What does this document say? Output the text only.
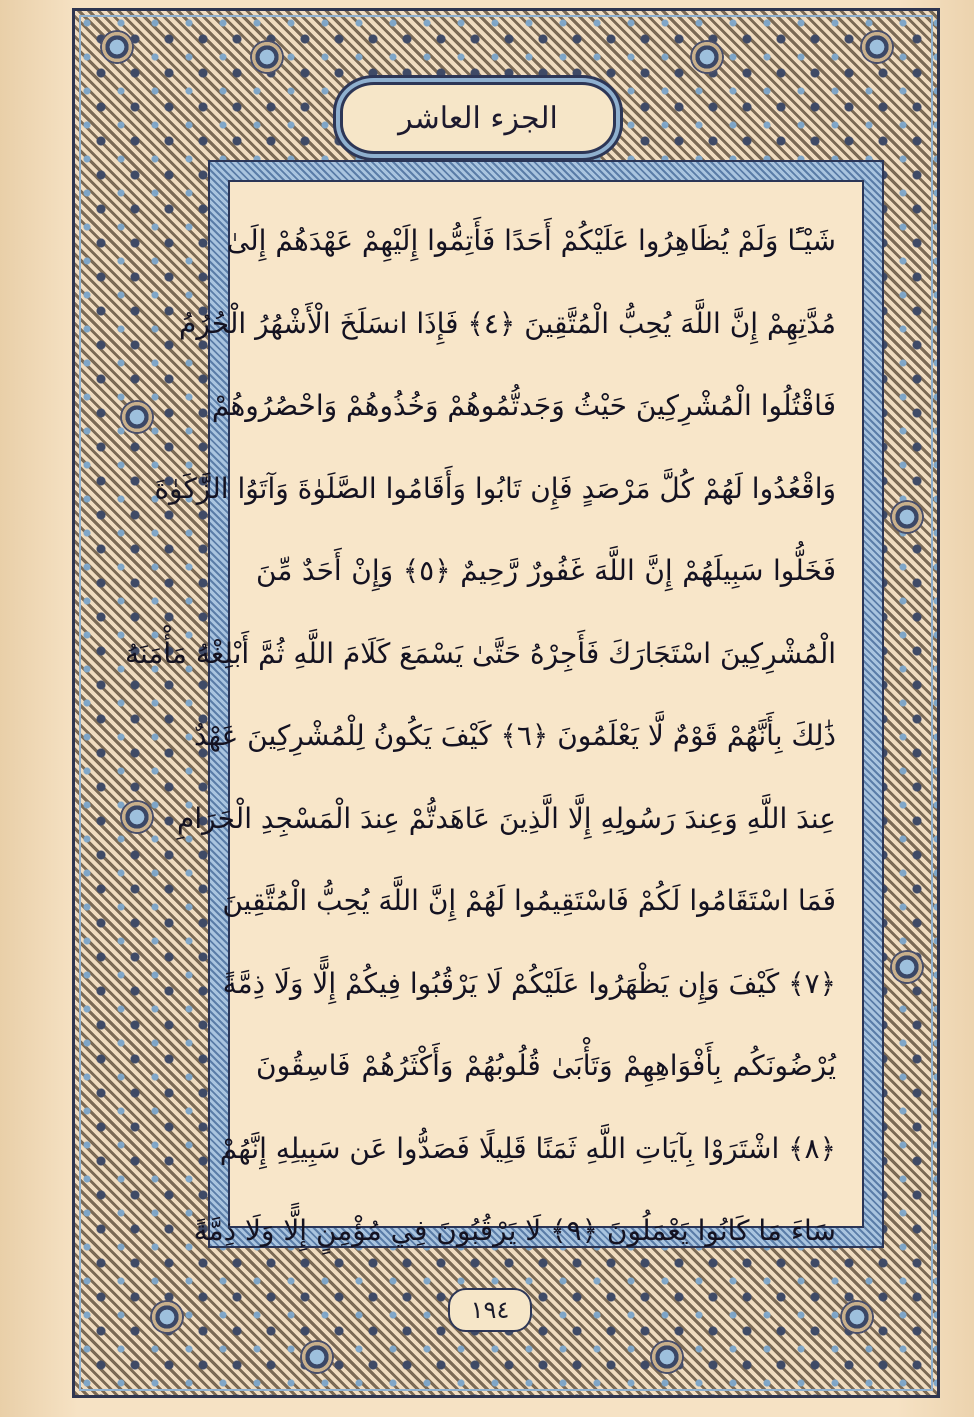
الجزء العاشر
شَيْـًٔا وَلَمْ يُظَاهِرُوا عَلَيْكُمْ أَحَدًا فَأَتِمُّوا إِلَيْهِمْ عَهْدَهُمْ إِلَىٰ
مُدَّتِهِمْ إِنَّ اللَّهَ يُحِبُّ الْمُتَّقِينَ ﴿٤﴾ فَإِذَا انسَلَخَ الْأَشْهُرُ الْحُرُمُ
فَاقْتُلُوا الْمُشْرِكِينَ حَيْثُ وَجَدتُّمُوهُمْ وَخُذُوهُمْ وَاحْصُرُوهُمْ
وَاقْعُدُوا لَهُمْ كُلَّ مَرْصَدٍ فَإِن تَابُوا وَأَقَامُوا الصَّلَوٰةَ وَآتَوُا الزَّكَوٰةَ
فَخَلُّوا سَبِيلَهُمْ إِنَّ اللَّهَ غَفُورٌ رَّحِيمٌ ﴿٥﴾ وَإِنْ أَحَدٌ مِّنَ
الْمُشْرِكِينَ اسْتَجَارَكَ فَأَجِرْهُ حَتَّىٰ يَسْمَعَ كَلَامَ اللَّهِ ثُمَّ أَبْلِغْهُ مَأْمَنَهُ
ذَٰلِكَ بِأَنَّهُمْ قَوْمٌ لَّا يَعْلَمُونَ ﴿٦﴾ كَيْفَ يَكُونُ لِلْمُشْرِكِينَ عَهْدٌ
عِندَ اللَّهِ وَعِندَ رَسُولِهِ إِلَّا الَّذِينَ عَاهَدتُّمْ عِندَ الْمَسْجِدِ الْحَرَامِ
فَمَا اسْتَقَامُوا لَكُمْ فَاسْتَقِيمُوا لَهُمْ إِنَّ اللَّهَ يُحِبُّ الْمُتَّقِينَ
﴿٧﴾ كَيْفَ وَإِن يَظْهَرُوا عَلَيْكُمْ لَا يَرْقُبُوا فِيكُمْ إِلًّا وَلَا ذِمَّةً
يُرْضُونَكُم بِأَفْوَاهِهِمْ وَتَأْبَىٰ قُلُوبُهُمْ وَأَكْثَرُهُمْ فَاسِقُونَ
﴿٨﴾ اشْتَرَوْا بِآيَاتِ اللَّهِ ثَمَنًا قَلِيلًا فَصَدُّوا عَن سَبِيلِهِ إِنَّهُمْ
سَاءَ مَا كَانُوا يَعْمَلُونَ ﴿٩﴾ لَا يَرْقُبُونَ فِي مُؤْمِنٍ إِلًّا وَلَا ذِمَّةً
١٩٤
